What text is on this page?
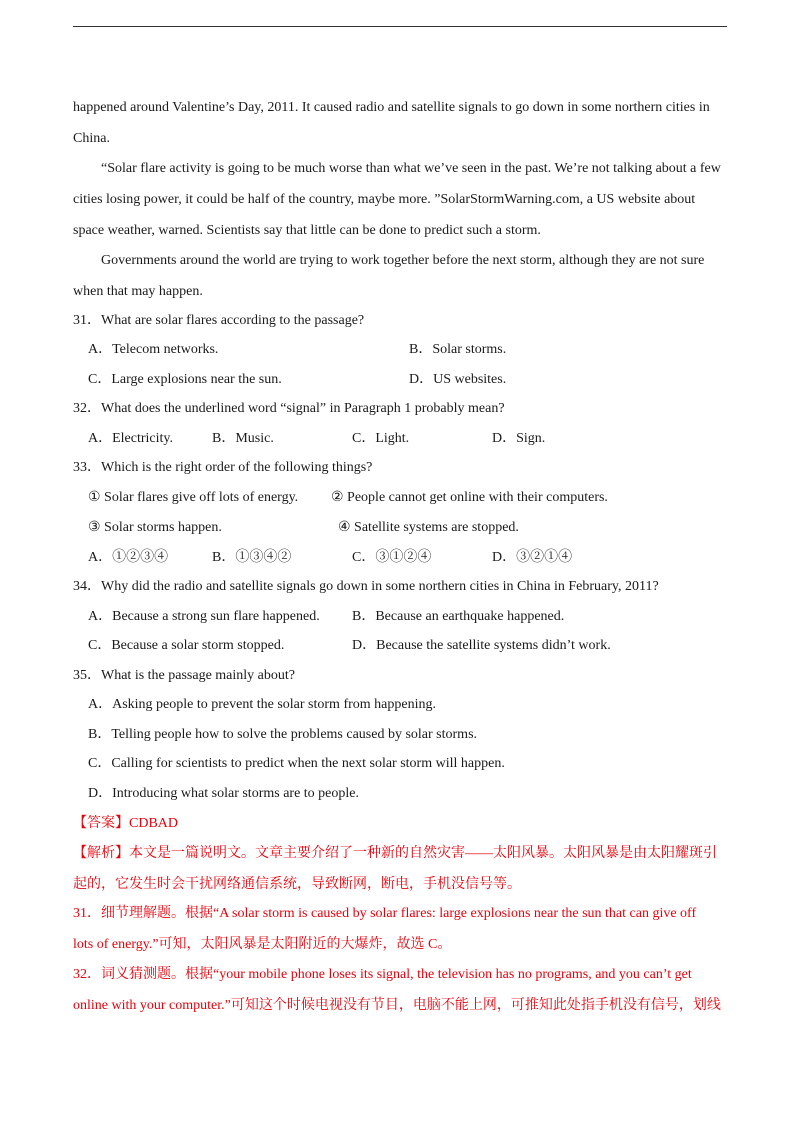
happened around Valentine’s Day, 2011. It caused radio and satellite signals to go down in some northern cities in
China.
“Solar flare activity is going to be much worse than what we’ve seen in the past. We’re not talking about a few
cities losing power, it could be half of the country, maybe more. ”SolarStormWarning.com, a US website about
space weather, warned. Scientists say that little can be done to predict such a storm.
Governments around the world are trying to work together before the next storm, although they are not sure
when that may happen.
31．What are solar flares according to the passage?
A．Telecom networks.	B．Solar storms.
C．Large explosions near the sun.	D．US websites.
32．What does the underlined word “signal” in Paragraph 1 probably mean?
A．Electricity.	B．Music.	C．Light.	D．Sign.
33．Which is the right order of the following things?
① Solar flares give off lots of energy. ② People cannot get online with their computers.
③ Solar storms happen.	④ Satellite systems are stopped.
A．①②③④	B．①③④②	C．③①②④	D．③②①④
34．Why did the radio and satellite signals go down in some northern cities in China in February, 2011?
A．Because a strong sun flare happened. B．Because an earthquake happened.
C．Because a solar storm stopped.	D．Because the satellite systems didn’t work.
35．What is the passage mainly about?
A．Asking people to prevent the solar storm from happening.
B．Telling people how to solve the problems caused by solar storms.
C．Calling for scientists to predict when the next solar storm will happen.
D．Introducing what solar storms are to people.
【答案】CDBAD
【解析】本文是一篇说明文。文章主要介绍了一种新的自然灾害——太阳风暴。太阳风暴是由太阳耀斑引
起的，它发生时会干扰网络通信系统，导致断网，断电，手机没信号等。
31．细节理解题。根据“A solar storm is caused by solar flares: large explosions near the sun that can give off
lots of energy.”可知，太阳风暴是太阳附近的大爆炸，故选 C。
32．词义猜测题。根据“your mobile phone loses its signal, the television has no programs, and you can’t get
online with your computer.”可知这个时候电视没有节目，电脑不能上网，可推知此处指手机没有信号，划线
